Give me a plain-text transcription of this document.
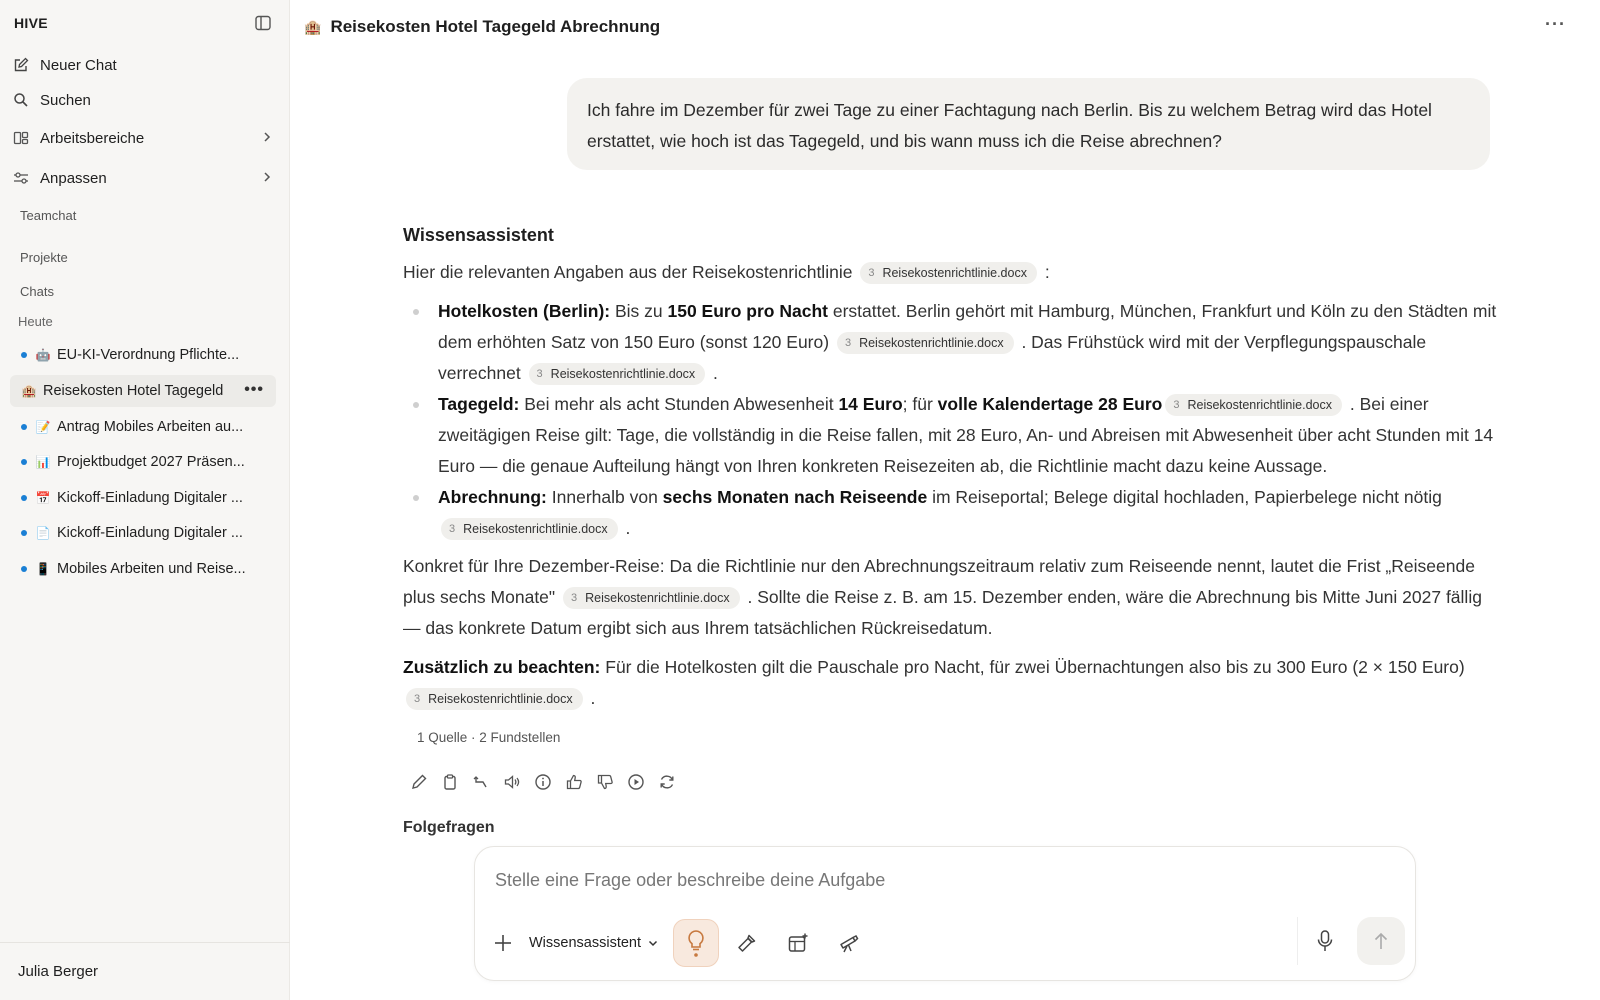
HIVE
Neuer Chat
Suchen
Arbeitsbereiche
Anpassen
Teamchat
Projekte
Chats
Heute
🤖 EU-KI-Verordnung Pflichte...
🏨 Reisekosten Hotel Tagegeld •••
📝 Antrag Mobiles Arbeiten au...
📊 Projektbudget 2027 Präsen...
📅 Kickoff-Einladung Digitaler ...
📄 Kickoff-Einladung Digitaler ...
📱 Mobiles Arbeiten und Reise...
Julia Berger
🏨 Reisekosten Hotel Tagegeld Abrechnung	···
Ich fahre im Dezember für zwei Tage zu einer Fachtagung nach Berlin. Bis zu welchem Betrag wird das Hotel erstattet, wie hoch ist das Tagegeld, und bis wann muss ich die Reise abrechnen?
Wissensassistent
Hier die relevanten Angaben aus der Reisekostenrichtlinie 3 Reisekostenrichtlinie.docx :
Hotelkosten (Berlin): Bis zu 150 Euro pro Nacht erstattet. Berlin gehört mit Hamburg, München, Frankfurt und Köln zu den Städten mit dem erhöhten Satz von 150 Euro (sonst 120 Euro) 3 Reisekostenrichtlinie.docx . Das Frühstück wird mit der Verpflegungspauschale verrechnet 3 Reisekostenrichtlinie.docx .
Tagegeld: Bei mehr als acht Stunden Abwesenheit 14 Euro; für volle Kalendertage 28 Euro 3 Reisekostenrichtlinie.docx . Bei einer zweitägigen Reise gilt: Tage, die vollständig in die Reise fallen, mit 28 Euro, An- und Abreisen mit Abwesenheit über acht Stunden mit 14 Euro — die genaue Aufteilung hängt von Ihren konkreten Reisezeiten ab, die Richtlinie macht dazu keine Aussage.
Abrechnung: Innerhalb von sechs Monaten nach Reiseende im Reiseportal; Belege digital hochladen, Papierbelege nicht nötig
3 Reisekostenrichtlinie.docx .
Konkret für Ihre Dezember-Reise: Da die Richtlinie nur den Abrechnungszeitraum relativ zum Reiseende nennt, lautet die Frist „Reiseende plus sechs Monate" 3 Reisekostenrichtlinie.docx . Sollte die Reise z. B. am 15. Dezember enden, wäre die Abrechnung bis Mitte Juni 2027 fällig — das konkrete Datum ergibt sich aus Ihrem tatsächlichen Rückreisedatum.
Zusätzlich zu beachten: Für die Hotelkosten gilt die Pauschale pro Nacht, für zwei Übernachtungen also bis zu 300 Euro (2 × 150 Euro)
3 Reisekostenrichtlinie.docx .
1 Quelle · 2 Fundstellen
Folgefragen
Stelle eine Frage oder beschreibe deine Aufgabe
Wissensassistent
